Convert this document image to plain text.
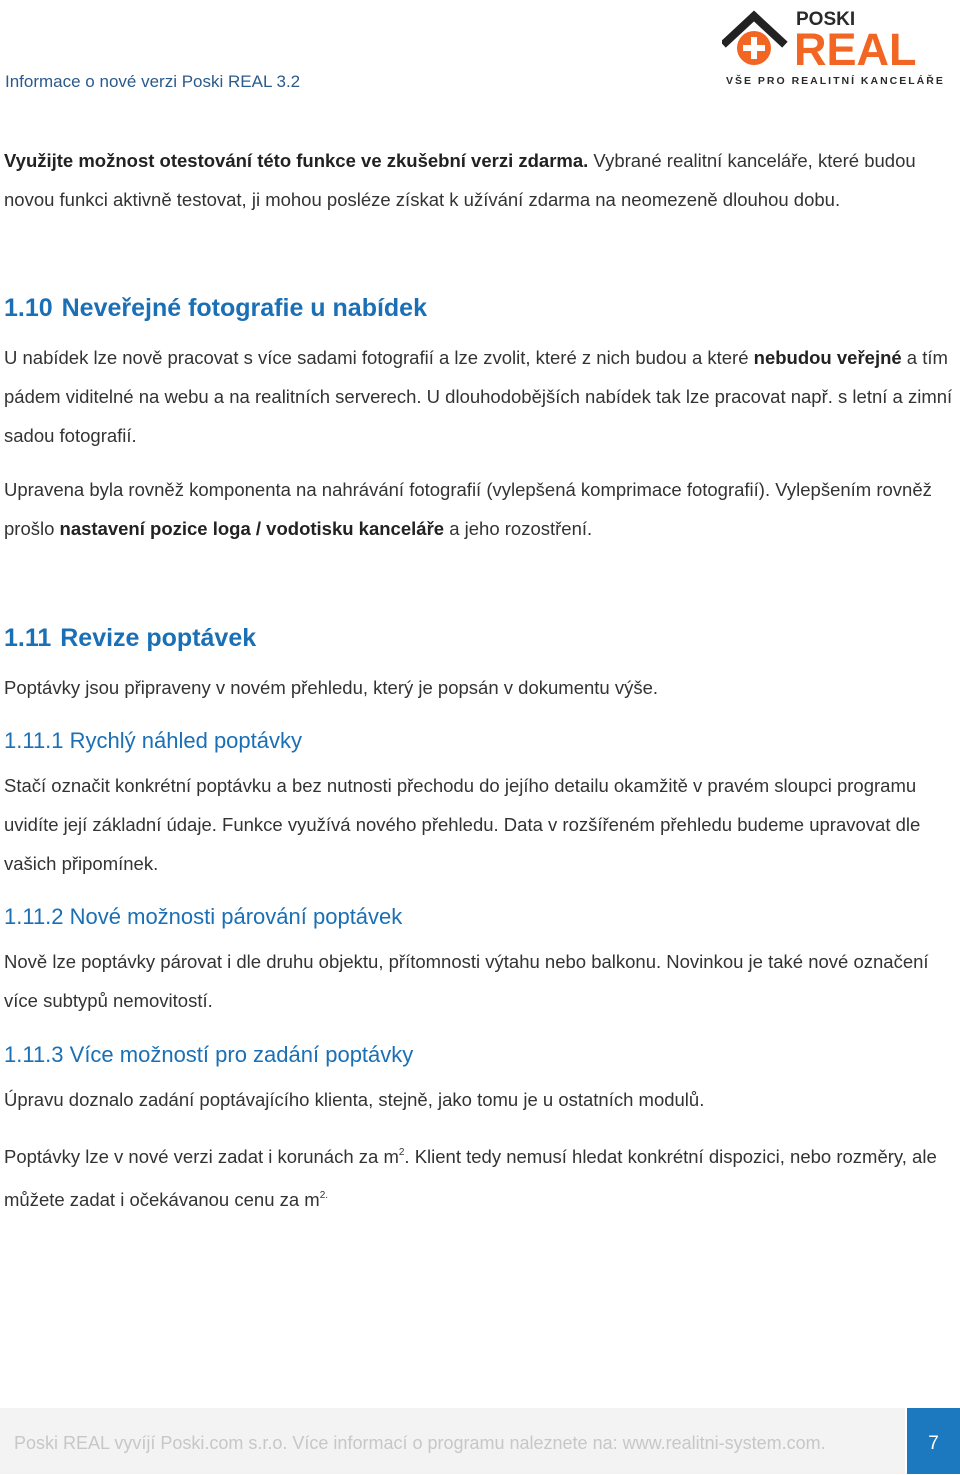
Informace o nové verzi Poski REAL 3.2
POSKI
REAL
VŠE PRO REALITNÍ KANCELÁŘE
Využijte možnost otestování této funkce ve zkušební verzi zdarma. Vybrané realitní kanceláře, které budou novou funkci aktivně testovat, ji mohou posléze získat k užívání zdarma na neomezeně dlouhou dobu.
1.10 Neveřejné fotografie u nabídek
U nabídek lze nově pracovat s více sadami fotografií a lze zvolit, které z nich budou a které nebudou veřejné a tím pádem viditelné na webu a na realitních serverech. U dlouhodobějších nabídek tak lze pracovat např. s letní a zimní sadou fotografií.
Upravena byla rovněž komponenta na nahrávání fotografií (vylepšená komprimace fotografií). Vylepšením rovněž prošlo nastavení pozice loga / vodotisku kanceláře a jeho rozostření.
1.11 Revize poptávek
Poptávky jsou připraveny v novém přehledu, který je popsán v dokumentu výše.
1.11.1 Rychlý náhled poptávky
Stačí označit konkrétní poptávku a bez nutnosti přechodu do jejího detailu okamžitě v pravém sloupci programu uvidíte její základní údaje. Funkce využívá nového přehledu. Data v rozšířeném přehledu budeme upravovat dle vašich připomínek.
1.11.2 Nové možnosti párování poptávek
Nově lze poptávky párovat i dle druhu objektu, přítomnosti výtahu nebo balkonu. Novinkou je také nové označení více subtypů nemovitostí.
1.11.3 Více možností pro zadání poptávky
Úpravu doznalo zadání poptávajícího klienta, stejně, jako tomu je u ostatních modulů.
Poptávky lze v nové verzi zadat i korunách za $m^2$. Klient tedy nemusí hledat konkrétní dispozici, nebo rozměry, ale můžete zadat i očekávanou cenu za $m^{2.}$
Poski REAL vyvíjí Poski.com s.r.o. Více informací o programu naleznete na: www.realitni-system.com.	7
